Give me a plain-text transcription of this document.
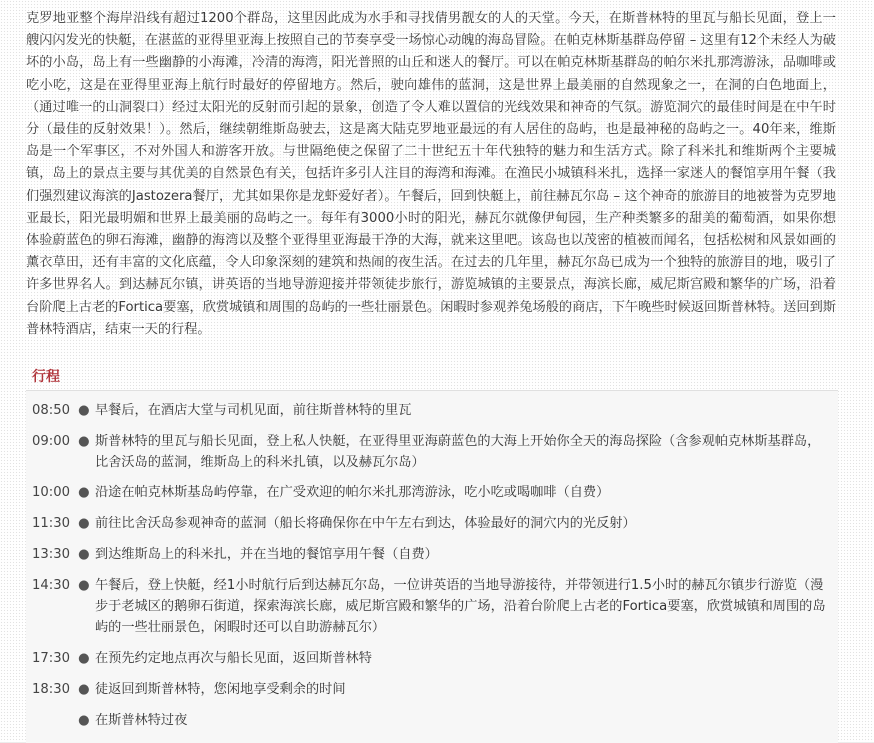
克罗地亚整个海岸沿线有超过1200个群岛，这里因此成为水手和寻找倩男靓女的人的天堂。今天，在斯普林特的里瓦与船长见面，登上一艘闪闪发光的快艇，在湛蓝的亚得里亚海上按照自己的节奏享受一场惊心动魄的海岛冒险。在帕克林斯基群岛停留 – 这里有12个未经人为破坏的小岛，岛上有一些幽静的小海滩，冷清的海湾，阳光普照的山丘和迷人的餐厅。可以在帕克林斯基群岛的帕尔米扎那湾游泳，品咖啡或吃小吃，这是在亚得里亚海上航行时最好的停留地方。然后，驶向雄伟的蓝洞，这是世界上最美丽的自然现象之一，在洞的白色地面上，（通过唯一的山洞裂口）经过太阳光的反射而引起的景象，创造了令人难以置信的光线效果和神奇的气氛。游览洞穴的最佳时间是在中午时分（最佳的反射效果！）。然后，继续朝维斯岛驶去，这是离大陆克罗地亚最远的有人居住的岛屿，也是最神秘的岛屿之一。40年来，维斯岛是一个军事区，不对外国人和游客开放。与世隔绝使之保留了二十世纪五十年代独特的魅力和生活方式。除了科米扎和维斯两个主要城镇，岛上的景点主要与其优美的自然景色有关，包括许多引人注目的海湾和海滩。在渔民小城镇科米扎，选择一家迷人的餐馆享用午餐（我们强烈建议海滨的Jastozera餐厅，尤其如果你是龙虾爱好者）。午餐后，回到快艇上，前往赫瓦尔岛 – 这个神奇的旅游目的地被誉为克罗地亚最长，阳光最明媚和世界上最美丽的岛屿之一。每年有3000小时的阳光，赫瓦尔就像伊甸园，生产种类繁多的甜美的葡萄酒，如果你想体验蔚蓝色的卵石海滩，幽静的海湾以及整个亚得里亚海最干净的大海，就来这里吧。该岛也以茂密的植被而闻名，包括松树和风景如画的薰衣草田，还有丰富的文化底蕴，令人印象深刻的建筑和热闹的夜生活。在过去的几年里，赫瓦尔岛已成为一个独特的旅游目的地，吸引了许多世界名人。到达赫瓦尔镇，讲英语的当地导游迎接并带领徒步旅行，游览城镇的主要景点，海滨长廊，威尼斯宫殿和繁华的广场，沿着台阶爬上古老的Fortica要塞，欣赏城镇和周围的岛屿的一些壮丽景色。闲暇时参观养兔场般的商店，下午晚些时候返回斯普林特。送回到斯普林特酒店，结束一天的行程。

行程
08:50 ● 早餐后，在酒店大堂与司机见面，前往斯普林特的里瓦
09:00 ● 斯普林特的里瓦与船长见面，登上私人快艇，在亚得里亚海蔚蓝色的大海上开始你全天的海岛探险（含参观帕克林斯基群岛，比舍沃岛的蓝洞，维斯岛上的科米扎镇，以及赫瓦尔岛）
10:00 ● 沿途在帕克林斯基岛屿停靠，在广受欢迎的帕尔米扎那湾游泳，吃小吃或喝咖啡（自费）
11:30 ● 前往比舍沃岛参观神奇的蓝洞（船长将确保你在中午左右到达，体验最好的洞穴内的光反射）
13:30 ● 到达维斯岛上的科米扎，并在当地的餐馆享用午餐（自费）
14:30 ● 午餐后，登上快艇，经1小时航行后到达赫瓦尔岛，一位讲英语的当地导游接待，并带领进行1.5小时的赫瓦尔镇步行游览（漫步于老城区的鹅卵石街道，探索海滨长廊，威尼斯宫殿和繁华的广场，沿着台阶爬上古老的Fortica要塞，欣赏城镇和周围的岛屿的一些壮丽景色，闲暇时还可以自助游赫瓦尔）
17:30 ● 在预先约定地点再次与船长见面，返回斯普林特
18:30 ● 徒返回到斯普林特，您闲地享受剩余的时间
● 在斯普林特过夜
